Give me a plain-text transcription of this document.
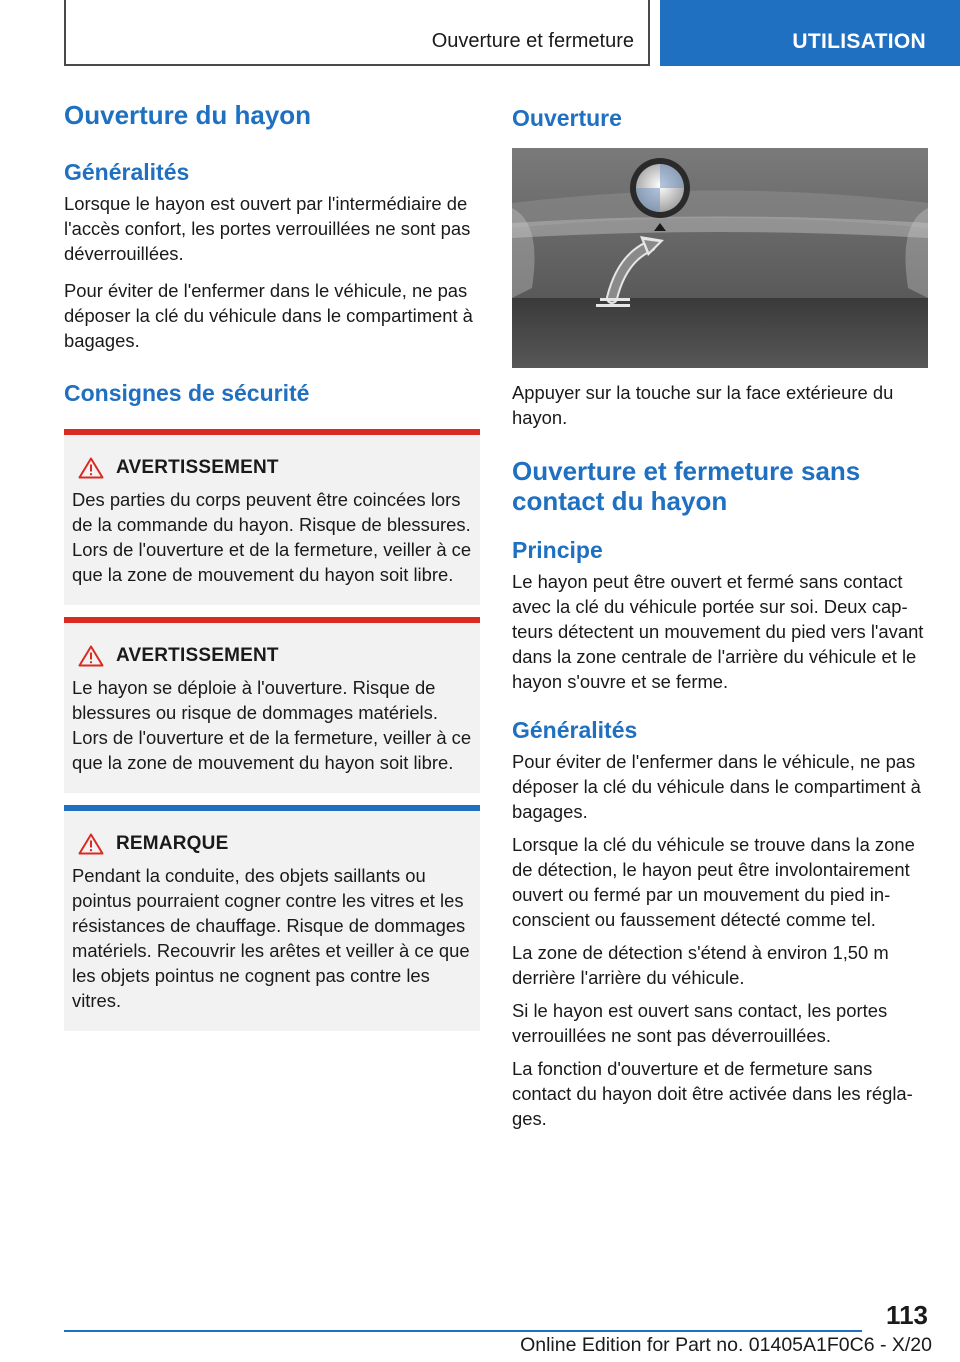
Ouverture et fermeture	UTILISATION
Ouverture du hayon
Généralités

Lorsque le hayon est ouvert par l'intermédiaire de l'accès confort, les portes verrouillées ne sont pas déverrouillées.

Pour éviter de l'enfermer dans le véhicule, ne pas déposer la clé du véhicule dans le compartiment à bagages.

Consignes de sécurité
AVERTISSEMENT

Des parties du corps peuvent être coincées lors de la commande du hayon. Risque de blessures. Lors de l'ouverture et de la fermeture, veiller à ce que la zone de mouvement du hayon soit libre.

AVERTISSEMENT

Le hayon se déploie à l'ouverture. Risque de blessures ou risque de dommages matériels. Lors de l'ouverture et de la fermeture, veiller à ce que la zone de mouvement du hayon soit libre.

REMARQUE

Pendant la conduite, des objets saillants ou pointus pourraient cogner contre les vitres et les résistances de chauffage. Risque de dommages matériels. Recouvrir les arêtes et veiller à ce que les objets pointus ne cognent pas contre les vitres.

Ouverture

Appuyer sur la touche sur la face extérieure du hayon.

Ouverture et fermeture sans contact du hayon
Principe

Le hayon peut être ouvert et fermé sans contact avec la clé du véhicule portée sur soi. Deux capteurs détectent un mouvement du pied vers l'avant dans la zone centrale de l'arrière du véhicule et le hayon s'ouvre et se ferme.

Généralités

Pour éviter de l'enfermer dans le véhicule, ne pas déposer la clé du véhicule dans le compartiment à bagages.

Lorsque la clé du véhicule se trouve dans la zone de détection, le hayon peut être involontairement ouvert ou fermé par un mouvement du pied inconscient ou faussement détecté comme tel.

La zone de détection s'étend à environ 1,50 m derrière l'arrière du véhicule.

Si le hayon est ouvert sans contact, les portes verrouillées ne sont pas déverrouillées.

La fonction d'ouverture et de fermeture sans contact du hayon doit être activée dans les réglages.

113
Online Edition for Part no. 01405A1F0C6 - X/20
